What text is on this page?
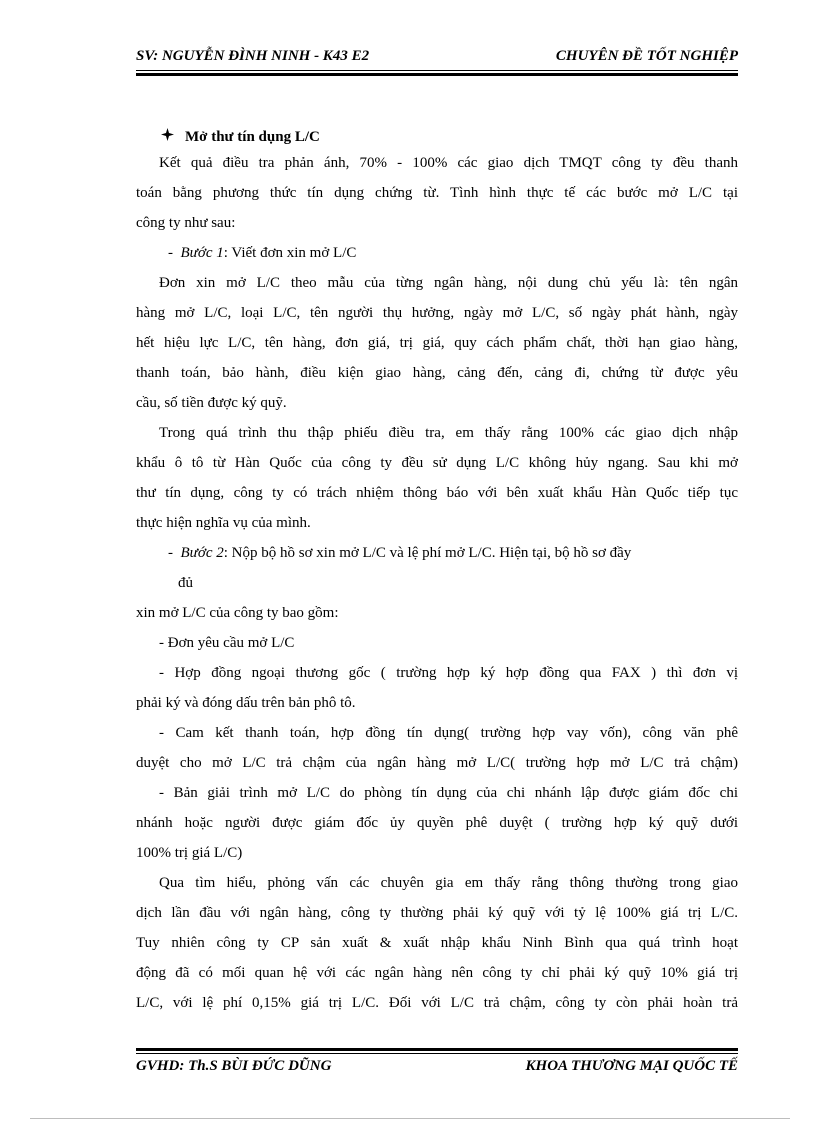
SV: NGUYỄN ĐÌNH NINH - K43 E2	CHUYÊN ĐỀ TỐT NGHIỆP
Mở thư tín dụng L/C
Kết quả điều tra phản ánh, 70% - 100% các giao dịch TMQT công ty đều thanh
toán bằng phương thức tín dụng chứng từ. Tình hình thực tế các bước mở L/C tại
công ty như sau:
- Bước 1: Viết đơn xin mở L/C
Đơn xin mở L/C theo mẫu của từng ngân hàng, nội dung chủ yếu là: tên ngân
hàng mở L/C, loại L/C, tên người thụ hưởng, ngày mở L/C, số ngày phát hành, ngày
hết hiệu lực L/C, tên hàng, đơn giá, trị giá, quy cách phẩm chất, thời hạn giao hàng,
thanh toán, bảo hành, điều kiện giao hàng, cảng đến, cảng đi, chứng từ được yêu
cầu, số tiền được ký quỹ.
Trong quá trình thu thập phiếu điều tra, em thấy rằng 100% các giao dịch nhập
khẩu ô tô từ Hàn Quốc của công ty đều sử dụng L/C không hủy ngang. Sau khi mở
thư tín dụng, công ty có trách nhiệm thông báo với bên xuất khẩu Hàn Quốc tiếp tục
thực hiện nghĩa vụ của mình.
- Bước 2: Nộp bộ hồ sơ xin mở L/C và lệ phí mở L/C. Hiện tại, bộ hồ sơ đầy
đủ
xin mở L/C của công ty bao gồm:
- Đơn yêu cầu mở L/C
- Hợp đồng ngoại thương gốc ( trường hợp ký hợp đồng qua FAX ) thì đơn vị
phải ký và đóng dấu trên bản phô tô.
- Cam kết thanh toán, hợp đồng tín dụng( trường hợp vay vốn), công văn phê
duyệt cho mở L/C trả chậm của ngân hàng mở L/C( trường hợp mở L/C trả chậm)
- Bản giải trình mở L/C do phòng tín dụng của chi nhánh lập được giám đốc chi
nhánh hoặc người được giám đốc ủy quyền phê duyệt ( trường hợp ký quỹ dưới
100% trị giá L/C)
Qua tìm hiểu, phỏng vấn các chuyên gia em thấy rằng thông thường trong giao
dịch lần đầu với ngân hàng, công ty thường phải ký quỹ với tỷ lệ 100% giá trị L/C.
Tuy nhiên công ty CP sản xuất & xuất nhập khẩu Ninh Bình qua quá trình hoạt
động đã có mối quan hệ với các ngân hàng nên công ty chỉ phải ký quỹ 10% giá trị
L/C, với lệ phí 0,15% giá trị L/C. Đối với L/C trả chậm, công ty còn phải hoàn trả
GVHD: Th.S BÙI ĐỨC DŨNG	KHOA THƯƠNG MẠI QUỐC TẾ
